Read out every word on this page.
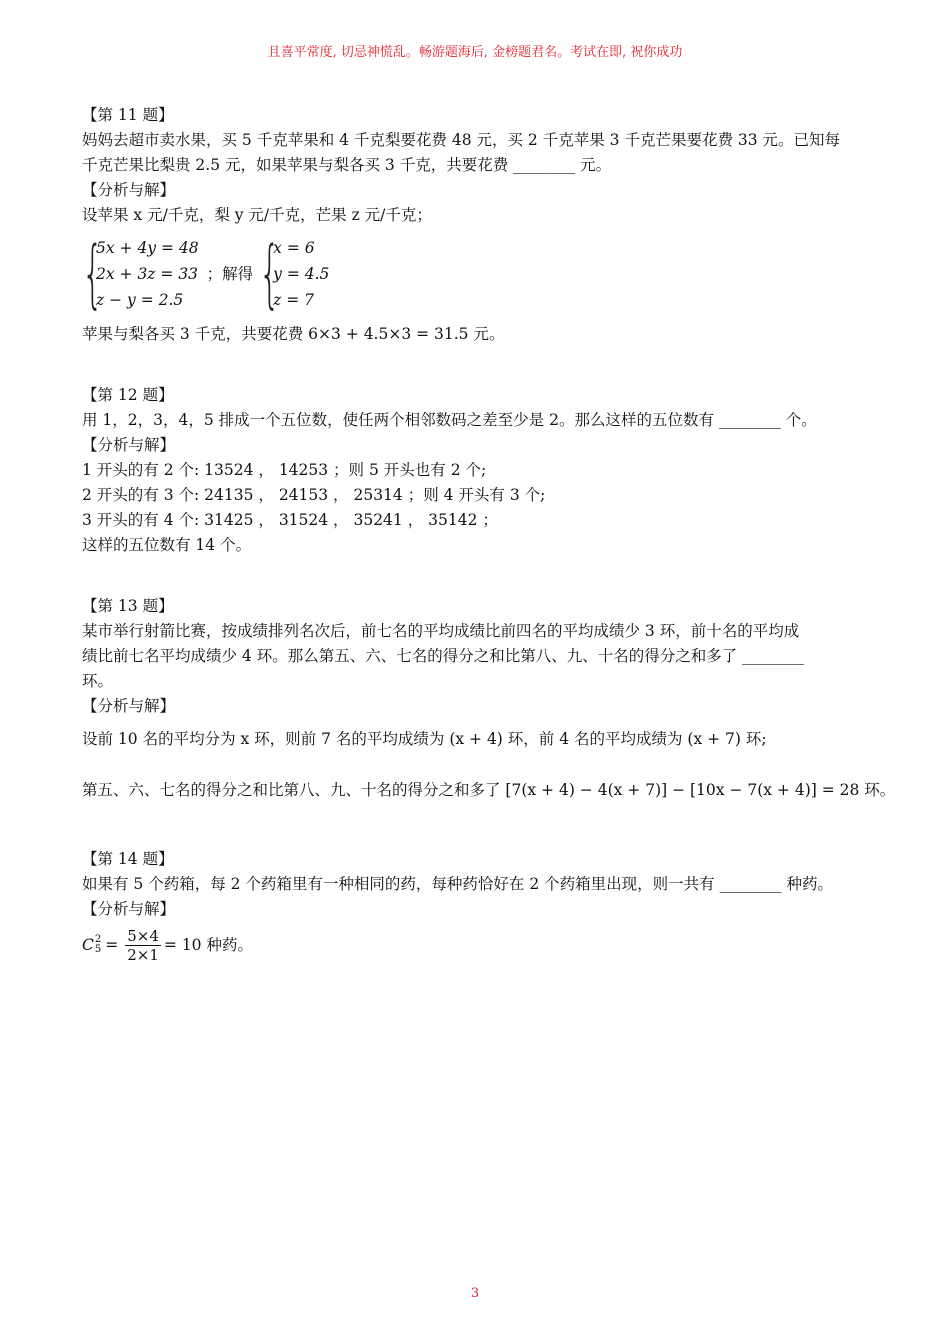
且喜平常度, 切忌神慌乱。畅游题海后, 金榜题君名。考试在即, 祝你成功
【第 11 题】
妈妈去超市卖水果，买 5 千克苹果和 4 千克梨要花费 48 元，买 2 千克苹果 3 千克芒果要花费 33 元。已知每
千克芒果比梨贵 2.5 元，如果苹果与梨各买 3 千克，共要花费 ________ 元。
【分析与解】
设苹果 x 元/千克，梨 y 元/千克，芒果 z 元/千克；
{
5x + 4y = 48
2x + 3z = 33
z − y = 2.5
；解得 {
x = 6
y = 4.5
z = 7
苹果与梨各买 3 千克，共要花费 6×3 + 4.5×3 = 31.5 元。
【第 12 题】
用 1，2，3，4，5 排成一个五位数，使任两个相邻数码之差至少是 2。那么这样的五位数有 ________ 个。
【分析与解】
1 开头的有 2 个: 13524 ， 14253 ；则 5 开头也有 2 个;
2 开头的有 3 个: 24135 ， 24153 ， 25314 ；则 4 开头有 3 个;
3 开头的有 4 个: 31425 ， 31524 ， 35241 ， 35142 ；
这样的五位数有 14 个。
【第 13 题】
某市举行射箭比赛，按成绩排列名次后，前七名的平均成绩比前四名的平均成绩少 3 环，前十名的平均成
绩比前七名平均成绩少 4 环。那么第五、六、七名的得分之和比第八、九、十名的得分之和多了 ________
环。
【分析与解】
设前 10 名的平均分为 x 环，则前 7 名的平均成绩为 (x + 4) 环，前 4 名的平均成绩为 (x + 7) 环;
第五、六、七名的得分之和比第八、九、十名的得分之和多了 [7(x + 4) − 4(x + 7)] − [10x − 7(x + 4)] = 28 环。
【第 14 题】
如果有 5 个药箱，每 2 个药箱里有一种相同的药，每种药恰好在 2 个药箱里出现，则一共有 ________ 种药。
【分析与解】
C 2
$5 = \frac{5\times 4}{2\times 1} = 10$ 种药。
3
